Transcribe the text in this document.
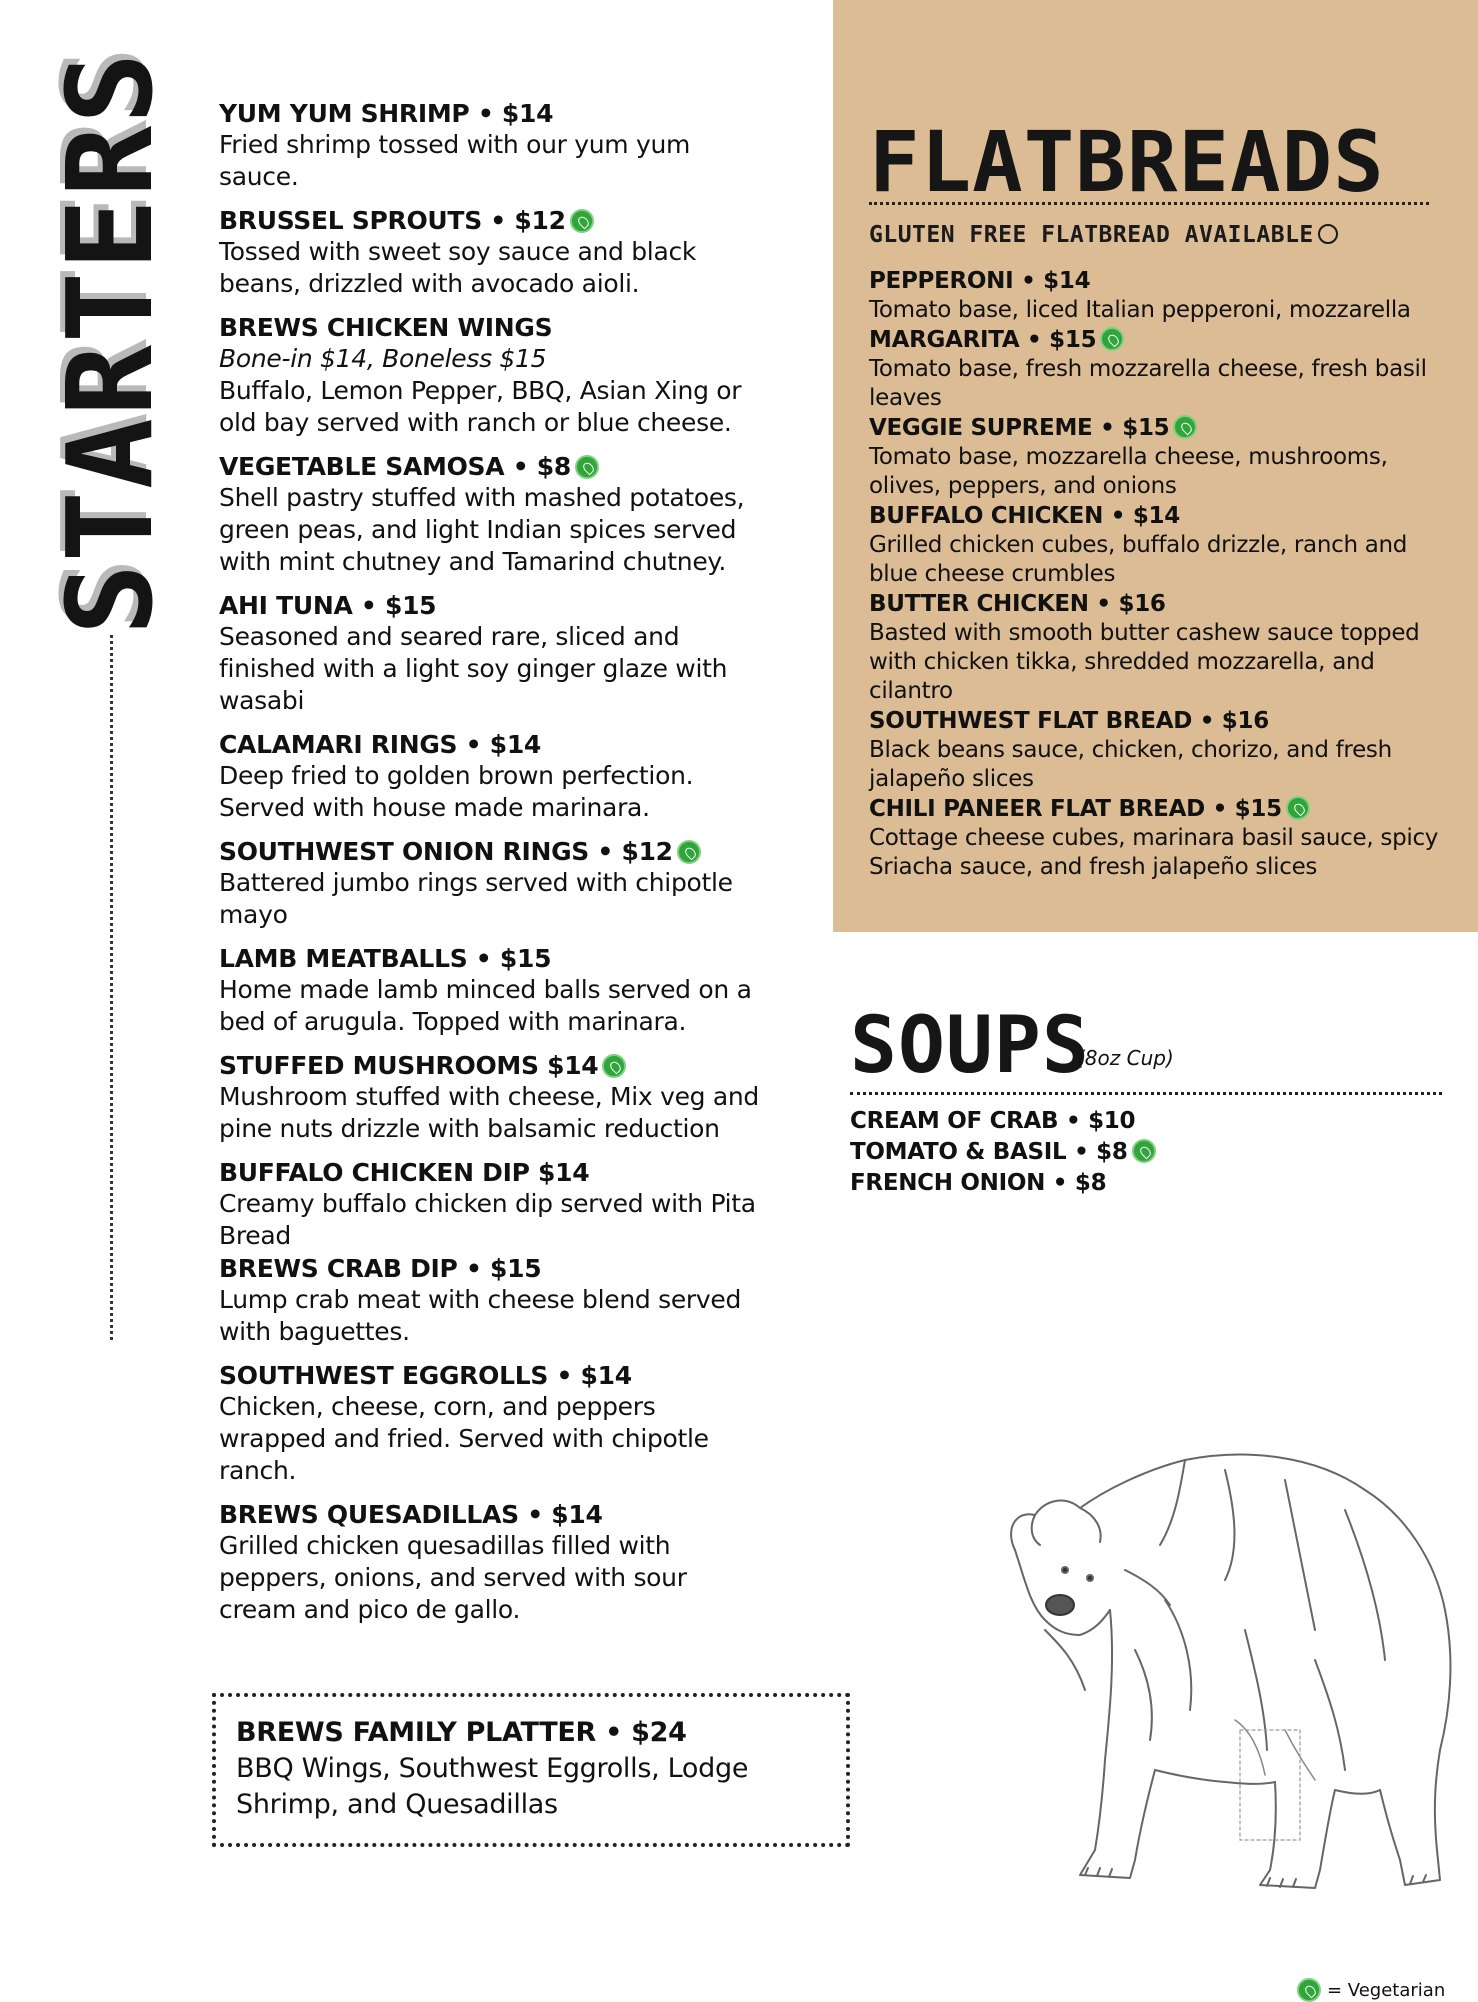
STARTERS YUM YUM SHRIMP • $14
Fried shrimp tossed with our yum yum sauce.
BRUSSEL SPROUTS • $12
Tossed with sweet soy sauce and black beans, drizzled with avocado aioli.
BREWS CHICKEN WINGS
Bone-in $14, Boneless $15
Buffalo, Lemon Pepper, BBQ, Asian Xing or old bay served with ranch or blue cheese.
VEGETABLE SAMOSA • $8
Shell pastry stuffed with mashed potatoes, green peas, and light Indian spices served with mint chutney and Tamarind chutney.
AHI TUNA • $15
Seasoned and seared rare, sliced and finished with a light soy ginger glaze with wasabi
CALAMARI RINGS • $14
Deep fried to golden brown perfection. Served with house made marinara.
SOUTHWEST ONION RINGS • $12
Battered jumbo rings served with chipotle mayo
LAMB MEATBALLS • $15
Home made lamb minced balls served on a bed of arugula. Topped with marinara.
STUFFED MUSHROOMS $14
Mushroom stuffed with cheese, Mix veg and pine nuts drizzle with balsamic reduction
BUFFALO CHICKEN DIP $14
Creamy buffalo chicken dip served with Pita Bread
BREWS CRAB DIP • $15
Lump crab meat with cheese blend served with baguettes.
SOUTHWEST EGGROLLS • $14
Chicken, cheese, corn, and peppers wrapped and fried. Served with chipotle ranch.
BREWS QUESADILLAS • $14
Grilled chicken quesadillas filled with peppers, onions, and served with sour cream and pico de gallo.
BREWS FAMILY PLATTER • $24
BBQ Wings, Southwest Eggrolls, Lodge Shrimp, and Quesadillas
FLATBREADS
GLUTEN FREE FLATBREAD AVAILABLE
PEPPERONI • $14
Tomato base, liced Italian pepperoni, mozzarella
MARGARITA • $15
Tomato base, fresh mozzarella cheese, fresh basil leaves
VEGGIE SUPREME • $15
Tomato base, mozzarella cheese, mushrooms, olives, peppers, and onions
BUFFALO CHICKEN • $14
Grilled chicken cubes, buffalo drizzle, ranch and blue cheese crumbles
BUTTER CHICKEN • $16
Basted with smooth butter cashew sauce topped with chicken tikka, shredded mozzarella, and cilantro
SOUTHWEST FLAT BREAD • $16
Black beans sauce, chicken, chorizo, and fresh jalapeño slices
CHILI PANEER FLAT BREAD • $15
Cottage cheese cubes, marinara basil sauce, spicy Sriacha sauce, and fresh jalapeño slices
SOUPS
(8oz Cup)
CREAM OF CRAB • $10
TOMATO & BASIL • $8
FRENCH ONION • $8
= Vegetarian
